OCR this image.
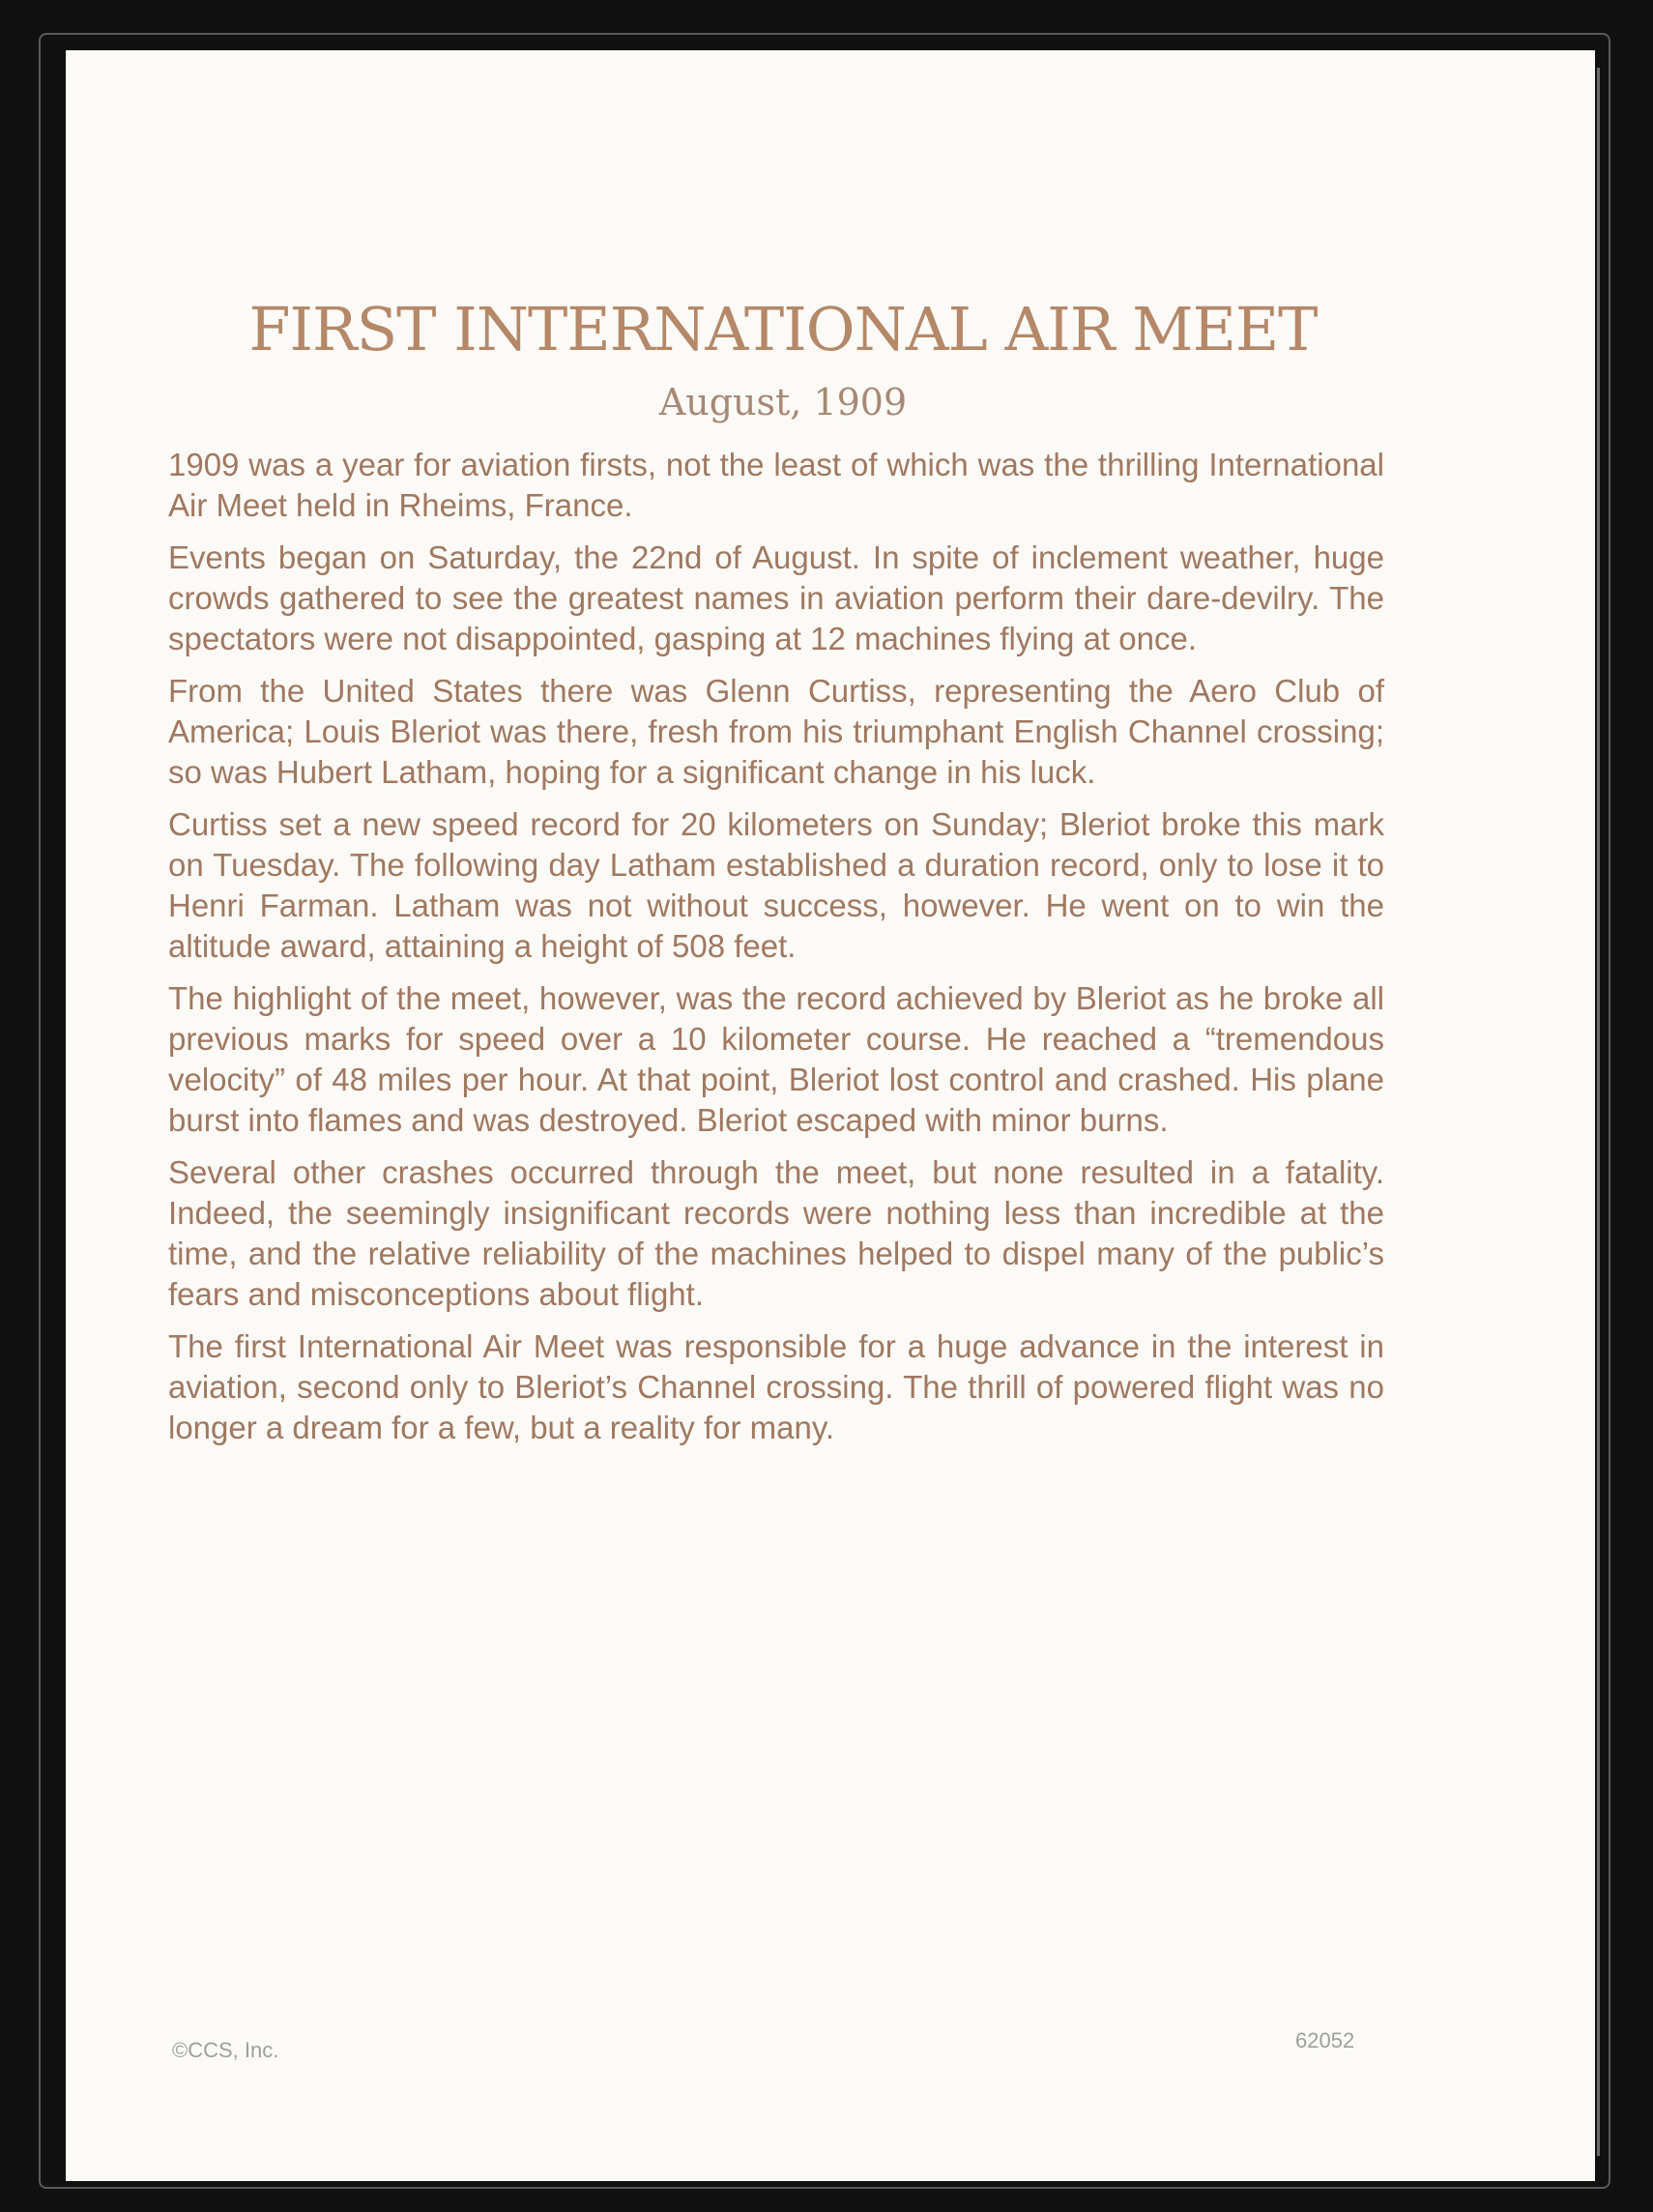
FIRST INTERNATIONAL AIR MEET
August, 1909

1909 was a year for aviation firsts, not the least of which was the thrilling International Air Meet held in Rheims, France.

Events began on Saturday, the 22nd of August. In spite of inclement weather, huge crowds gathered to see the greatest names in aviation perform their dare-devilry. The spectators were not disappointed, gasping at 12 machines flying at once.

From the United States there was Glenn Curtiss, representing the Aero Club of America; Louis Bleriot was there, fresh from his triumphant English Channel crossing; so was Hubert Latham, hoping for a significant change in his luck.

Curtiss set a new speed record for 20 kilometers on Sunday; Bleriot broke this mark on Tuesday. The following day Latham established a duration record, only to lose it to Henri Farman. Latham was not without success, however. He went on to win the altitude award, attaining a height of 508 feet.

The highlight of the meet, however, was the record achieved by Bleriot as he broke all previous marks for speed over a 10 kilometer course. He reached a “tremendous velocity” of 48 miles per hour. At that point, Bleriot lost control and crashed. His plane burst into flames and was destroyed. Bleriot escaped with minor burns.

Several other crashes occurred through the meet, but none resulted in a fatality. Indeed, the seemingly insignificant records were nothing less than incredible at the time, and the relative reliability of the machines helped to dispel many of the public’s fears and misconceptions about flight.

The first International Air Meet was responsible for a huge advance in the interest in aviation, second only to Bleriot’s Channel crossing. The thrill of powered flight was no longer a dream for a few, but a reality for many.

©CCS, Inc.	62052
